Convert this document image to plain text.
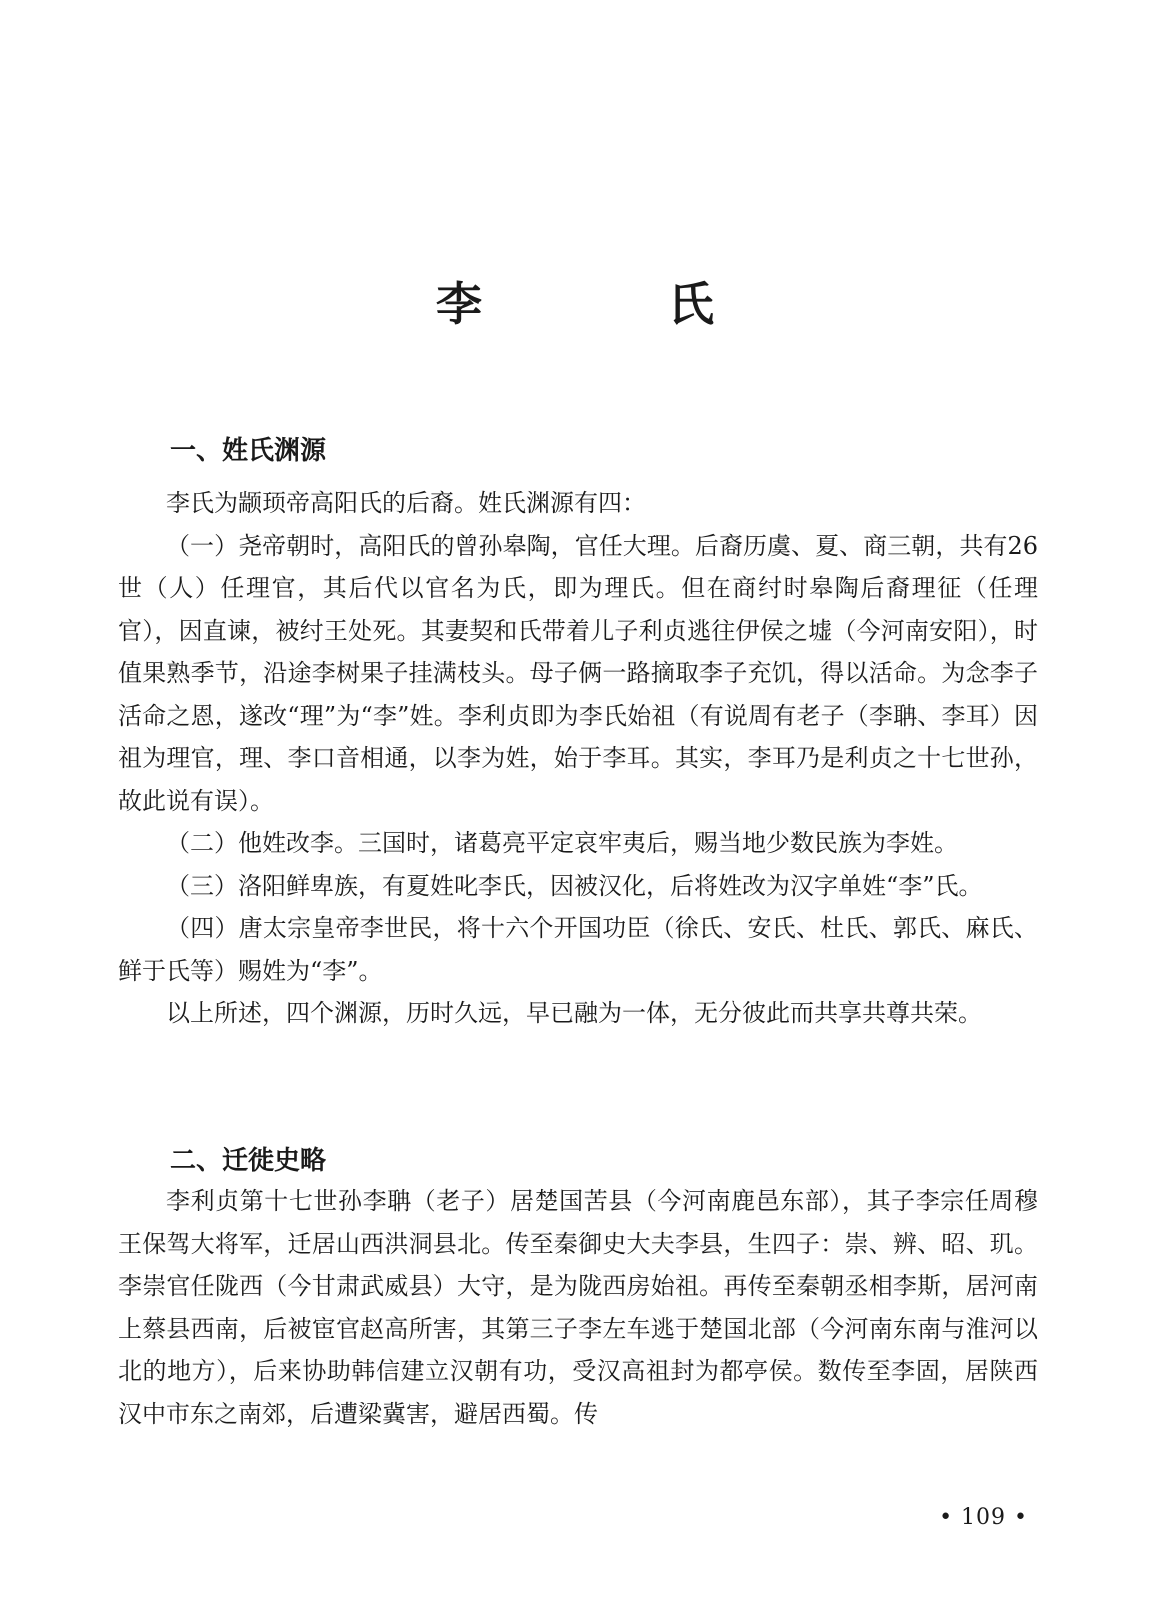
李　氏
一、姓氏渊源

李氏为颛顼帝高阳氏的后裔。姓氏渊源有四：

（一）尧帝朝时，高阳氏的曾孙皋陶，官任大理。后裔历虞、夏、商三朝，共有26世（人）任理官，其后代以官名为氏，即为理氏。但在商纣时皋陶后裔理征（任理官），因直谏，被纣王处死。其妻契和氏带着儿子利贞逃往伊侯之墟（今河南安阳），时值果熟季节，沿途李树果子挂满枝头。母子俩一路摘取李子充饥，得以活命。为念李子活命之恩，遂改“理”为“李”姓。李利贞即为李氏始祖（有说周有老子（李聃、李耳）因祖为理官，理、李口音相通，以李为姓，始于李耳。其实，李耳乃是利贞之十七世孙，故此说有误）。

（二）他姓改李。三国时，诸葛亮平定哀牢夷后，赐当地少数民族为李姓。

（三）洛阳鲜卑族，有夏姓叱李氏，因被汉化，后将姓改为汉字单姓“李”氏。

（四）唐太宗皇帝李世民，将十六个开国功臣（徐氏、安氏、杜氏、郭氏、麻氏、鲜于氏等）赐姓为“李”。

以上所述，四个渊源，历时久远，早已融为一体，无分彼此而共享共尊共荣。

二、迁徙史略

李利贞第十七世孙李聃（老子）居楚国苦县（今河南鹿邑东部），其子李宗任周穆王保驾大将军，迁居山西洪洞县北。传至秦御史大夫李县，生四子：崇、辨、昭、玑。李崇官任陇西（今甘肃武威县）大守，是为陇西房始祖。再传至秦朝丞相李斯，居河南上蔡县西南，后被宦官赵高所害，其第三子李左车逃于楚国北部（今河南东南与淮河以北的地方），后来协助韩信建立汉朝有功，受汉高祖封为都亭侯。数传至李固，居陕西汉中市东之南郊，后遭梁冀害，避居西蜀。传

• 109 •
